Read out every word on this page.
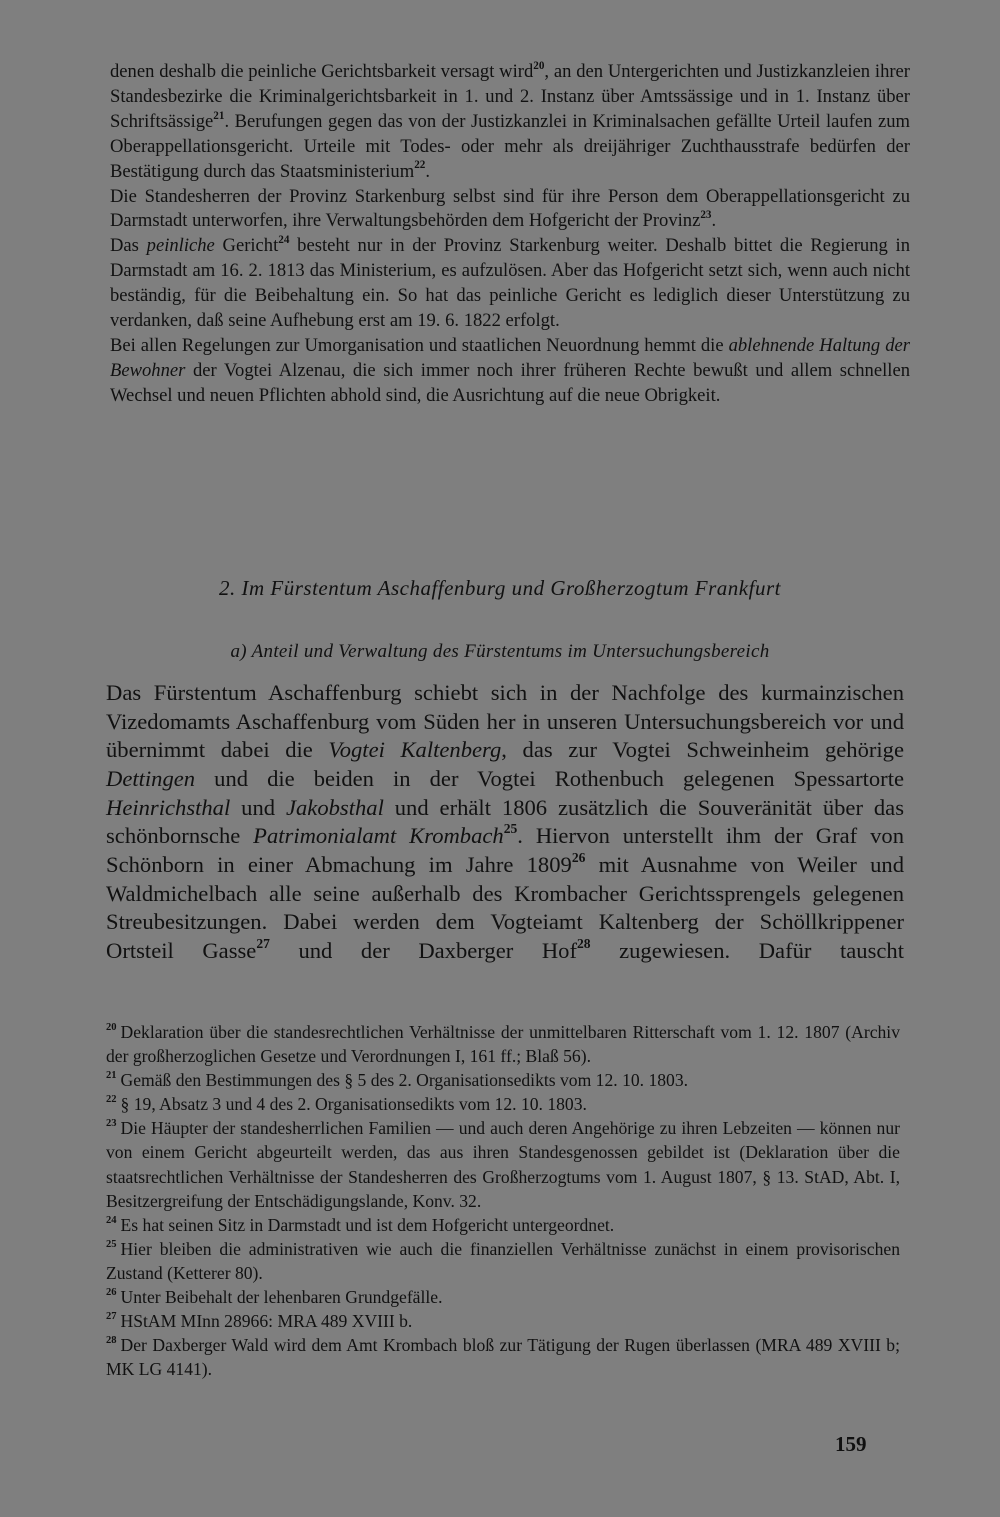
denen deshalb die peinliche Gerichtsbarkeit versagt wird$^{20}$, an den Untergerichten und Justizkanzleien ihrer Standesbezirke die Kriminalgerichtsbarkeit in 1. und 2. Instanz über Amtssässige und in 1. Instanz über Schriftsässige$^{21}$. Berufungen gegen das von der Justizkanzlei in Kriminalsachen gefällte Urteil laufen zum Oberappellationsgericht. Urteile mit Todes- oder mehr als dreijähriger Zuchthausstrafe bedürfen der Bestätigung durch das Staatsministerium$^{22}$.

Die Standesherren der Provinz Starkenburg selbst sind für ihre Person dem Oberappellationsgericht zu Darmstadt unterworfen, ihre Verwaltungsbehörden dem Hofgericht der Provinz$^{23}$.

Das peinliche Gericht$^{24}$ besteht nur in der Provinz Starkenburg weiter. Deshalb bittet die Regierung in Darmstadt am 16. 2. 1813 das Ministerium, es aufzulösen. Aber das Hofgericht setzt sich, wenn auch nicht beständig, für die Beibehaltung ein. So hat das peinliche Gericht es lediglich dieser Unterstützung zu verdanken, daß seine Aufhebung erst am 19. 6. 1822 erfolgt.

Bei allen Regelungen zur Umorganisation und staatlichen Neuordnung hemmt die ablehnende Haltung der Bewohner der Vogtei Alzenau, die sich immer noch ihrer früheren Rechte bewußt und allem schnellen Wechsel und neuen Pflichten abhold sind, die Ausrichtung auf die neue Obrigkeit.

2. Im Fürstentum Aschaffenburg und Großherzogtum Frankfurt
a) Anteil und Verwaltung des Fürstentums im Untersuchungsbereich

Das Fürstentum Aschaffenburg schiebt sich in der Nachfolge des kurmainzischen Vizedomamts Aschaffenburg vom Süden her in unseren Untersuchungsbereich vor und übernimmt dabei die Vogtei Kaltenberg, das zur Vogtei Schweinheim gehörige Dettingen und die beiden in der Vogtei Rothenbuch gelegenen Spessartorte Heinrichsthal und Jakobsthal und erhält 1806 zusätzlich die Souveränität über das schönbornsche Patrimonialamt Krombach$^{25}$. Hiervon unterstellt ihm der Graf von Schönborn in einer Abmachung im Jahre 1809$^{26}$ mit Ausnahme von Weiler und Waldmichelbach alle seine außerhalb des Krombacher Gerichtssprengels gelegenen Streubesitzungen. Dabei werden dem Vogteiamt Kaltenberg der Schöllkrippener Ortsteil Gasse$^{27}$ und der Daxberger Hof$^{28}$ zugewiesen. Dafür tauscht

$^{20}$ Deklaration über die standesrechtlichen Verhältnisse der unmittelbaren Ritterschaft vom 1. 12. 1807 (Archiv der großherzoglichen Gesetze und Verordnungen I, 161 ff.; Blaß 56).

$^{21}$ Gemäß den Bestimmungen des § 5 des 2. Organisationsedikts vom 12. 10. 1803.

$^{22}$ § 19, Absatz 3 und 4 des 2. Organisationsedikts vom 12. 10. 1803.

$^{23}$ Die Häupter der standesherrlichen Familien — und auch deren Angehörige zu ihren Lebzeiten — können nur von einem Gericht abgeurteilt werden, das aus ihren Standesgenossen gebildet ist (Deklaration über die staatsrechtlichen Verhältnisse der Standesherren des Großherzogtums vom 1. August 1807, § 13. StAD, Abt. I, Besitzergreifung der Entschädigungslande, Konv. 32.

$^{24}$ Es hat seinen Sitz in Darmstadt und ist dem Hofgericht untergeordnet.

$^{25}$ Hier bleiben die administrativen wie auch die finanziellen Verhältnisse zunächst in einem provisorischen Zustand (Ketterer 80).

$^{26}$ Unter Beibehalt der lehenbaren Grundgefälle.

$^{27}$ HStAM MInn 28966: MRA 489 XVIII b.

$^{28}$ Der Daxberger Wald wird dem Amt Krombach bloß zur Tätigung der Rugen überlassen (MRA 489 XVIII b; MK LG 4141).

159
